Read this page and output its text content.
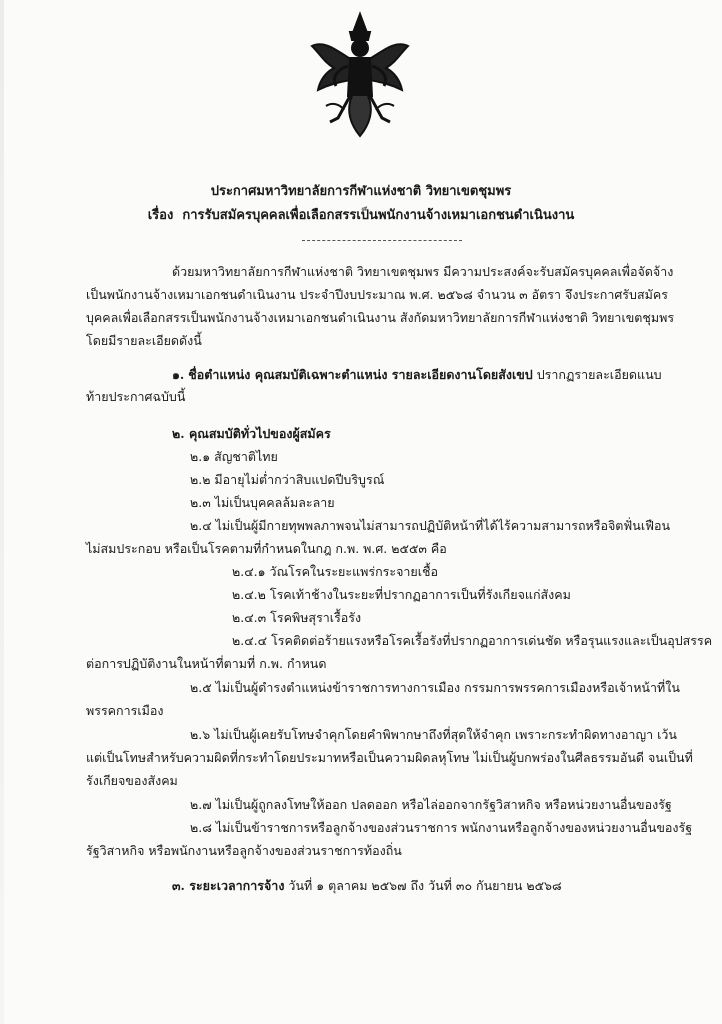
ประกาศมหาวิทยาลัยการกีฬาแห่งชาติ วิทยาเขตชุมพร
เรื่อง การรับสมัครบุคคลเพื่อเลือกสรรเป็นพนักงานจ้างเหมาเอกชนดำเนินงาน
ด้วยมหาวิทยาลัยการกีฬาแห่งชาติ วิทยาเขตชุมพร มีความประสงค์จะรับสมัครบุคคลเพื่อจัดจ้าง
เป็นพนักงานจ้างเหมาเอกชนดำเนินงาน ประจำปีงบประมาณ พ.ศ. ๒๕๖๘ จำนวน ๓ อัตรา จึงประกาศรับสมัคร
บุคคลเพื่อเลือกสรรเป็นพนักงานจ้างเหมาเอกชนดำเนินงาน สังกัดมหาวิทยาลัยการกีฬาแห่งชาติ วิทยาเขตชุมพร
โดยมีรายละเอียดดังนี้
๑. ชื่อตำแหน่ง คุณสมบัติเฉพาะตำแหน่ง รายละเอียดงานโดยสังเขป ปรากฏรายละเอียดแนบ
ท้ายประกาศฉบับนี้
๒. คุณสมบัติทั่วไปของผู้สมัคร
๒.๑ สัญชาติไทย
๒.๒ มีอายุไม่ต่ำกว่าสิบแปดปีบริบูรณ์
๒.๓ ไม่เป็นบุคคลล้มละลาย
๒.๔ ไม่เป็นผู้มีกายทุพพลภาพจนไม่สามารถปฏิบัติหน้าที่ได้ไร้ความสามารถหรือจิตฟั่นเฟือน
ไม่สมประกอบ หรือเป็นโรคตามที่กำหนดในกฎ ก.พ. พ.ศ. ๒๕๕๓ คือ
๒.๔.๑ วัณโรคในระยะแพร่กระจายเชื้อ
๒.๔.๒ โรคเท้าช้างในระยะที่ปรากฏอาการเป็นที่รังเกียจแก่สังคม
๒.๔.๓ โรคพิษสุราเรื้อรัง
๒.๔.๔ โรคติดต่อร้ายแรงหรือโรคเรื้อรังที่ปรากฏอาการเด่นชัด หรือรุนแรงและเป็นอุปสรรค
ต่อการปฏิบัติงานในหน้าที่ตามที่ ก.พ. กำหนด
๒.๕ ไม่เป็นผู้ดำรงตำแหน่งข้าราชการทางการเมือง กรรมการพรรคการเมืองหรือเจ้าหน้าที่ใน
พรรคการเมือง
๒.๖ ไม่เป็นผู้เคยรับโทษจำคุกโดยคำพิพากษาถึงที่สุดให้จำคุก เพราะกระทำผิดทางอาญา เว้น
แต่เป็นโทษสำหรับความผิดที่กระทำโดยประมาทหรือเป็นความผิดลหุโทษ ไม่เป็นผู้บกพร่องในศีลธรรมอันดี จนเป็นที่
รังเกียจของสังคม
๒.๗ ไม่เป็นผู้ถูกลงโทษให้ออก ปลดออก หรือไล่ออกจากรัฐวิสาหกิจ หรือหน่วยงานอื่นของรัฐ
๒.๘ ไม่เป็นข้าราชการหรือลูกจ้างของส่วนราชการ พนักงานหรือลูกจ้างของหน่วยงานอื่นของรัฐ
รัฐวิสาหกิจ หรือพนักงานหรือลูกจ้างของส่วนราชการท้องถิ่น
๓. ระยะเวลาการจ้าง วันที่ ๑ ตุลาคม ๒๕๖๗ ถึง วันที่ ๓๐ กันยายน ๒๕๖๘
